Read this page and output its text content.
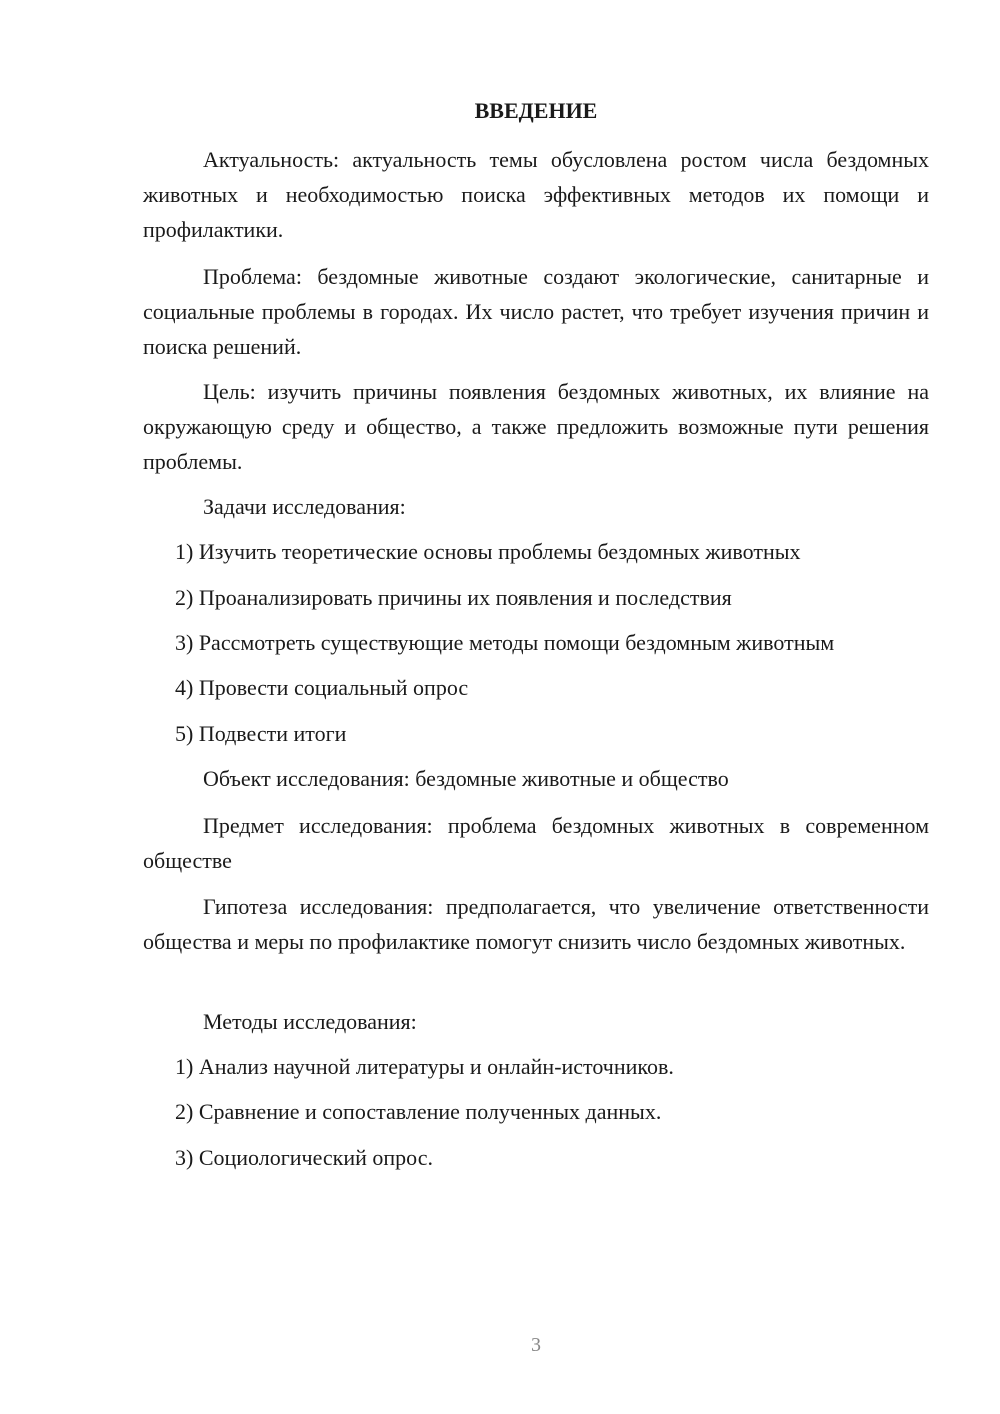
ВВЕДЕНИЕ
Актуальность: актуальность темы обусловлена ростом числа бездомных животных и необходимостью поиска эффективных методов их помощи и профилактики.
Проблема: бездомные животные создают экологические, санитарные и социальные проблемы в городах. Их число растет, что требует изучения причин и поиска решений.
Цель: изучить причины появления бездомных животных, их влияние на окружающую среду и общество, а также предложить возможные пути решения проблемы.
Задачи исследования:
1) Изучить теоретические основы проблемы бездомных животных
2) Проанализировать причины их появления и последствия
3) Рассмотреть существующие методы помощи бездомным животным
4) Провести социальный опрос
5) Подвести итоги
Объект исследования: бездомные животные и общество
Предмет исследования: проблема бездомных животных в современном обществе
Гипотеза исследования: предполагается, что увеличение ответственности общества и меры по профилактике помогут снизить число бездомных животных.
Методы исследования:
1) Анализ научной литературы и онлайн-источников.
2) Сравнение и сопоставление полученных данных.
3) Социологический опрос.
3
